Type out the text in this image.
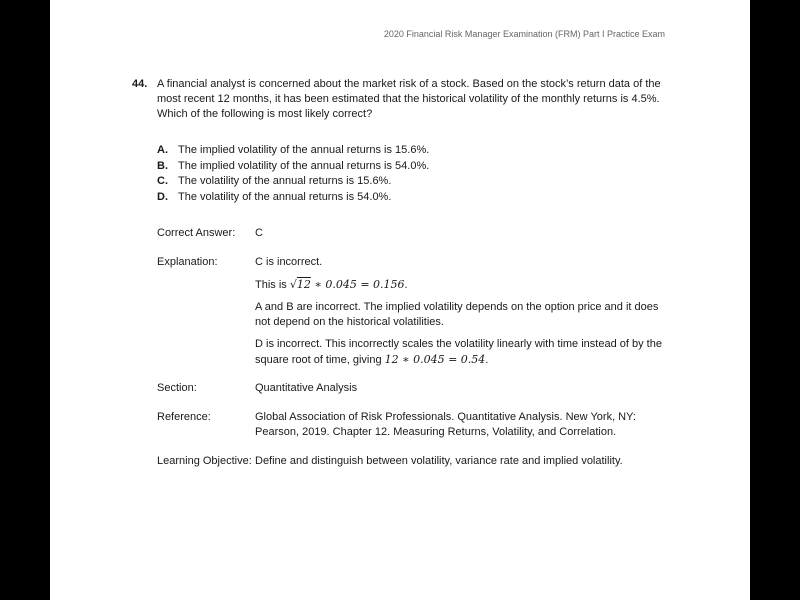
2020 Financial Risk Manager Examination (FRM) Part I Practice Exam
44. A financial analyst is concerned about the market risk of a stock. Based on the stock’s return data of the most recent 12 months, it has been estimated that the historical volatility of the monthly returns is 4.5%. Which of the following is most likely correct?
A. The implied volatility of the annual returns is 15.6%.
B. The implied volatility of the annual returns is 54.0%.
C. The volatility of the annual returns is 15.6%.
D. The volatility of the annual returns is 54.0%.
Correct Answer:	C
Explanation:	C is incorrect.
This is √12 ∗ 0.045 = 0.156.
A and B are incorrect. The implied volatility depends on the option price and it does not depend on the historical volatilities.
D is incorrect. This incorrectly scales the volatility linearly with time instead of by the square root of time, giving 12 ∗ 0.045 = 0.54.
Section:	Quantitative Analysis
Reference:	Global Association of Risk Professionals. Quantitative Analysis. New York, NY: Pearson, 2019. Chapter 12. Measuring Returns, Volatility, and Correlation.
Learning Objective: Define and distinguish between volatility, variance rate and implied volatility.
